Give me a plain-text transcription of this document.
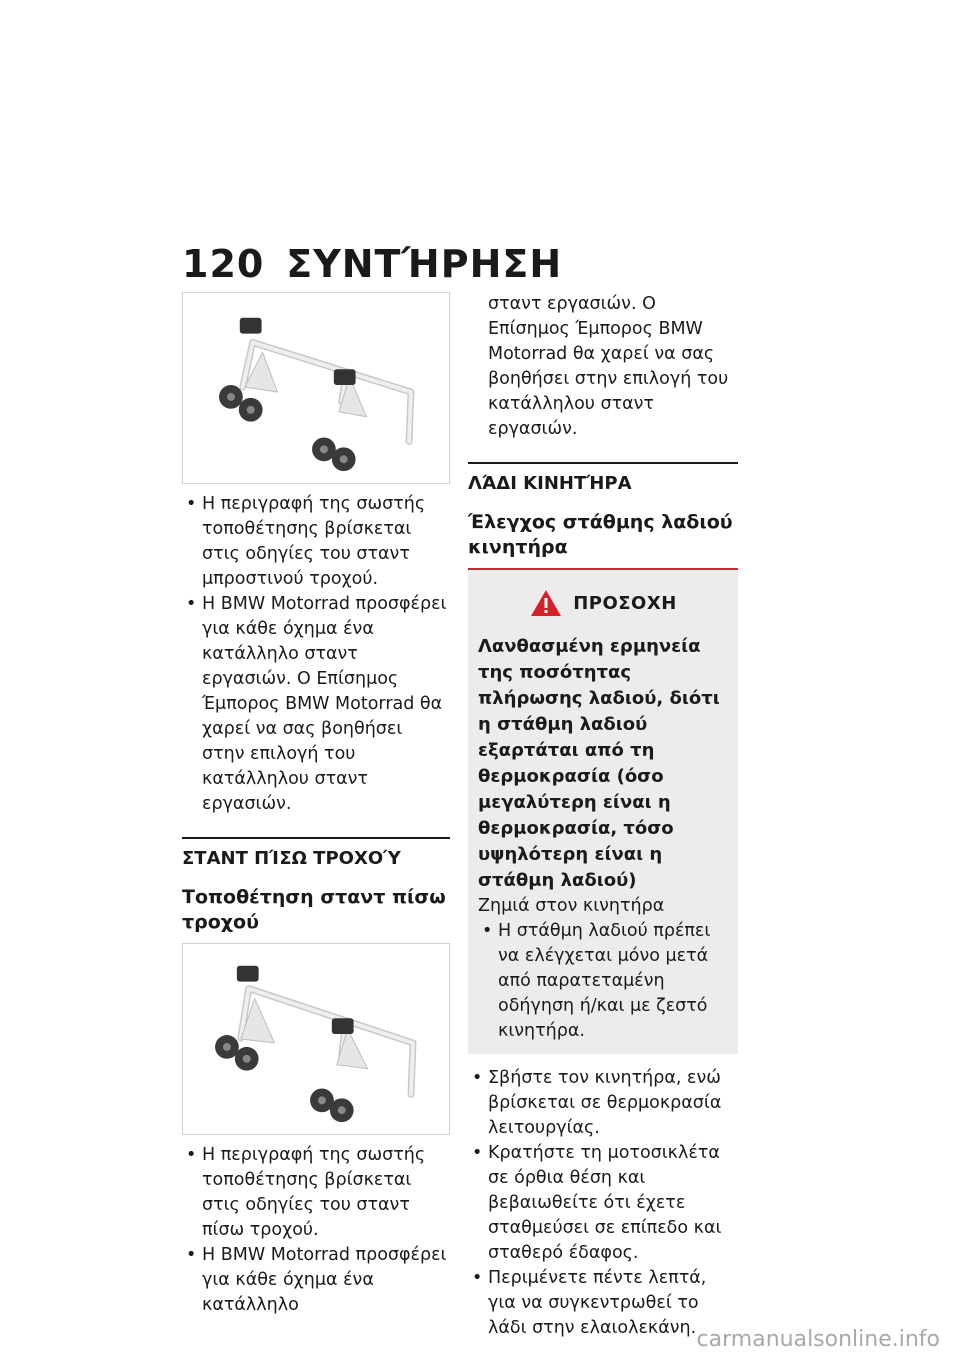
120 ΣΥΝΤΉΡΗΣΗ
• Η περιγραφή της σωστής τοποθέτησης βρίσκεται στις οδηγίες του σταντ μπροστινού τροχού.
• Η BMW Motorrad προσφέρει για κάθε όχημα ένα κατάλληλο σταντ εργασιών. Ο Επίσημος Έμπορος BMW Motorrad θα χαρεί να σας βοηθήσει στην επιλογή του κατάλληλου σταντ εργασιών.
ΣΤΑΝΤ ΠΊΣΩ ΤΡΟΧΟΎ
Τοποθέτηση σταντ πίσω τροχού
• Η περιγραφή της σωστής τοποθέτησης βρίσκεται στις οδηγίες του σταντ πίσω τροχού.
• Η BMW Motorrad προσφέρει για κάθε όχημα ένα κατάλληλο
σταντ εργασιών. Ο Επίσημος Έμπορος BMW Motorrad θα χαρεί να σας βοηθήσει στην επιλογή του κατάλληλου σταντ εργασιών.
ΛΆΔΙ ΚΙΝΗΤΉΡΑ
Έλεγχος στάθμης λαδιού κινητήρα
ΠΡΟΣΟΧΗ
Λανθασμένη ερμηνεία της ποσότητας πλήρωσης λαδιού, διότι η στάθμη λαδιού εξαρτάται από τη θερμοκρασία (όσο μεγαλύτερη είναι η θερμοκρασία, τόσο υψηλότερη είναι η στάθμη λαδιού)
Ζημιά στον κινητήρα
• Η στάθμη λαδιού πρέπει να ελέγχεται μόνο μετά από παρατεταμένη οδήγηση ή/και με ζεστό κινητήρα.
• Σβήστε τον κινητήρα, ενώ βρίσκεται σε θερμοκρασία λειτουργίας.
• Κρατήστε τη μοτοσικλέτα σε όρθια θέση και βεβαιωθείτε ότι έχετε σταθμεύσει σε επίπεδο και σταθερό έδαφος.
• Περιμένετε πέντε λεπτά, για να συγκεντρωθεί το λάδι στην ελαιολεκάνη. carmanualsonline.info
